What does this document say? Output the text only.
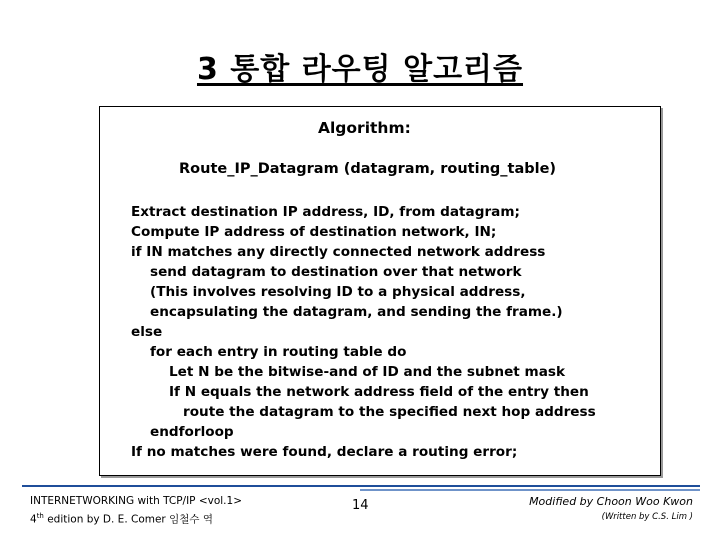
3 통합 라우팅 알고리즘
Algorithm:
Route_IP_Datagram (datagram, routing_table)
Extract destination IP address, ID, from datagram;
Compute IP address of destination network, IN;
if IN matches any directly connected network address
send datagram to destination over that network
(This involves resolving ID to a physical address,
encapsulating the datagram, and sending the frame.)
else
for each entry in routing table do
Let N be the bitwise-and of ID and the subnet mask
If N equals the network address field of the entry then
route the datagram to the specified next hop address
endforloop
If no matches were found, declare a routing error;
INTERNETWORKING with TCP/IP <vol.1>
4th edition by D. E. Comer 임철수 역
14	Modified by Choon Woo Kwon
(Written by C.S. Lim )
